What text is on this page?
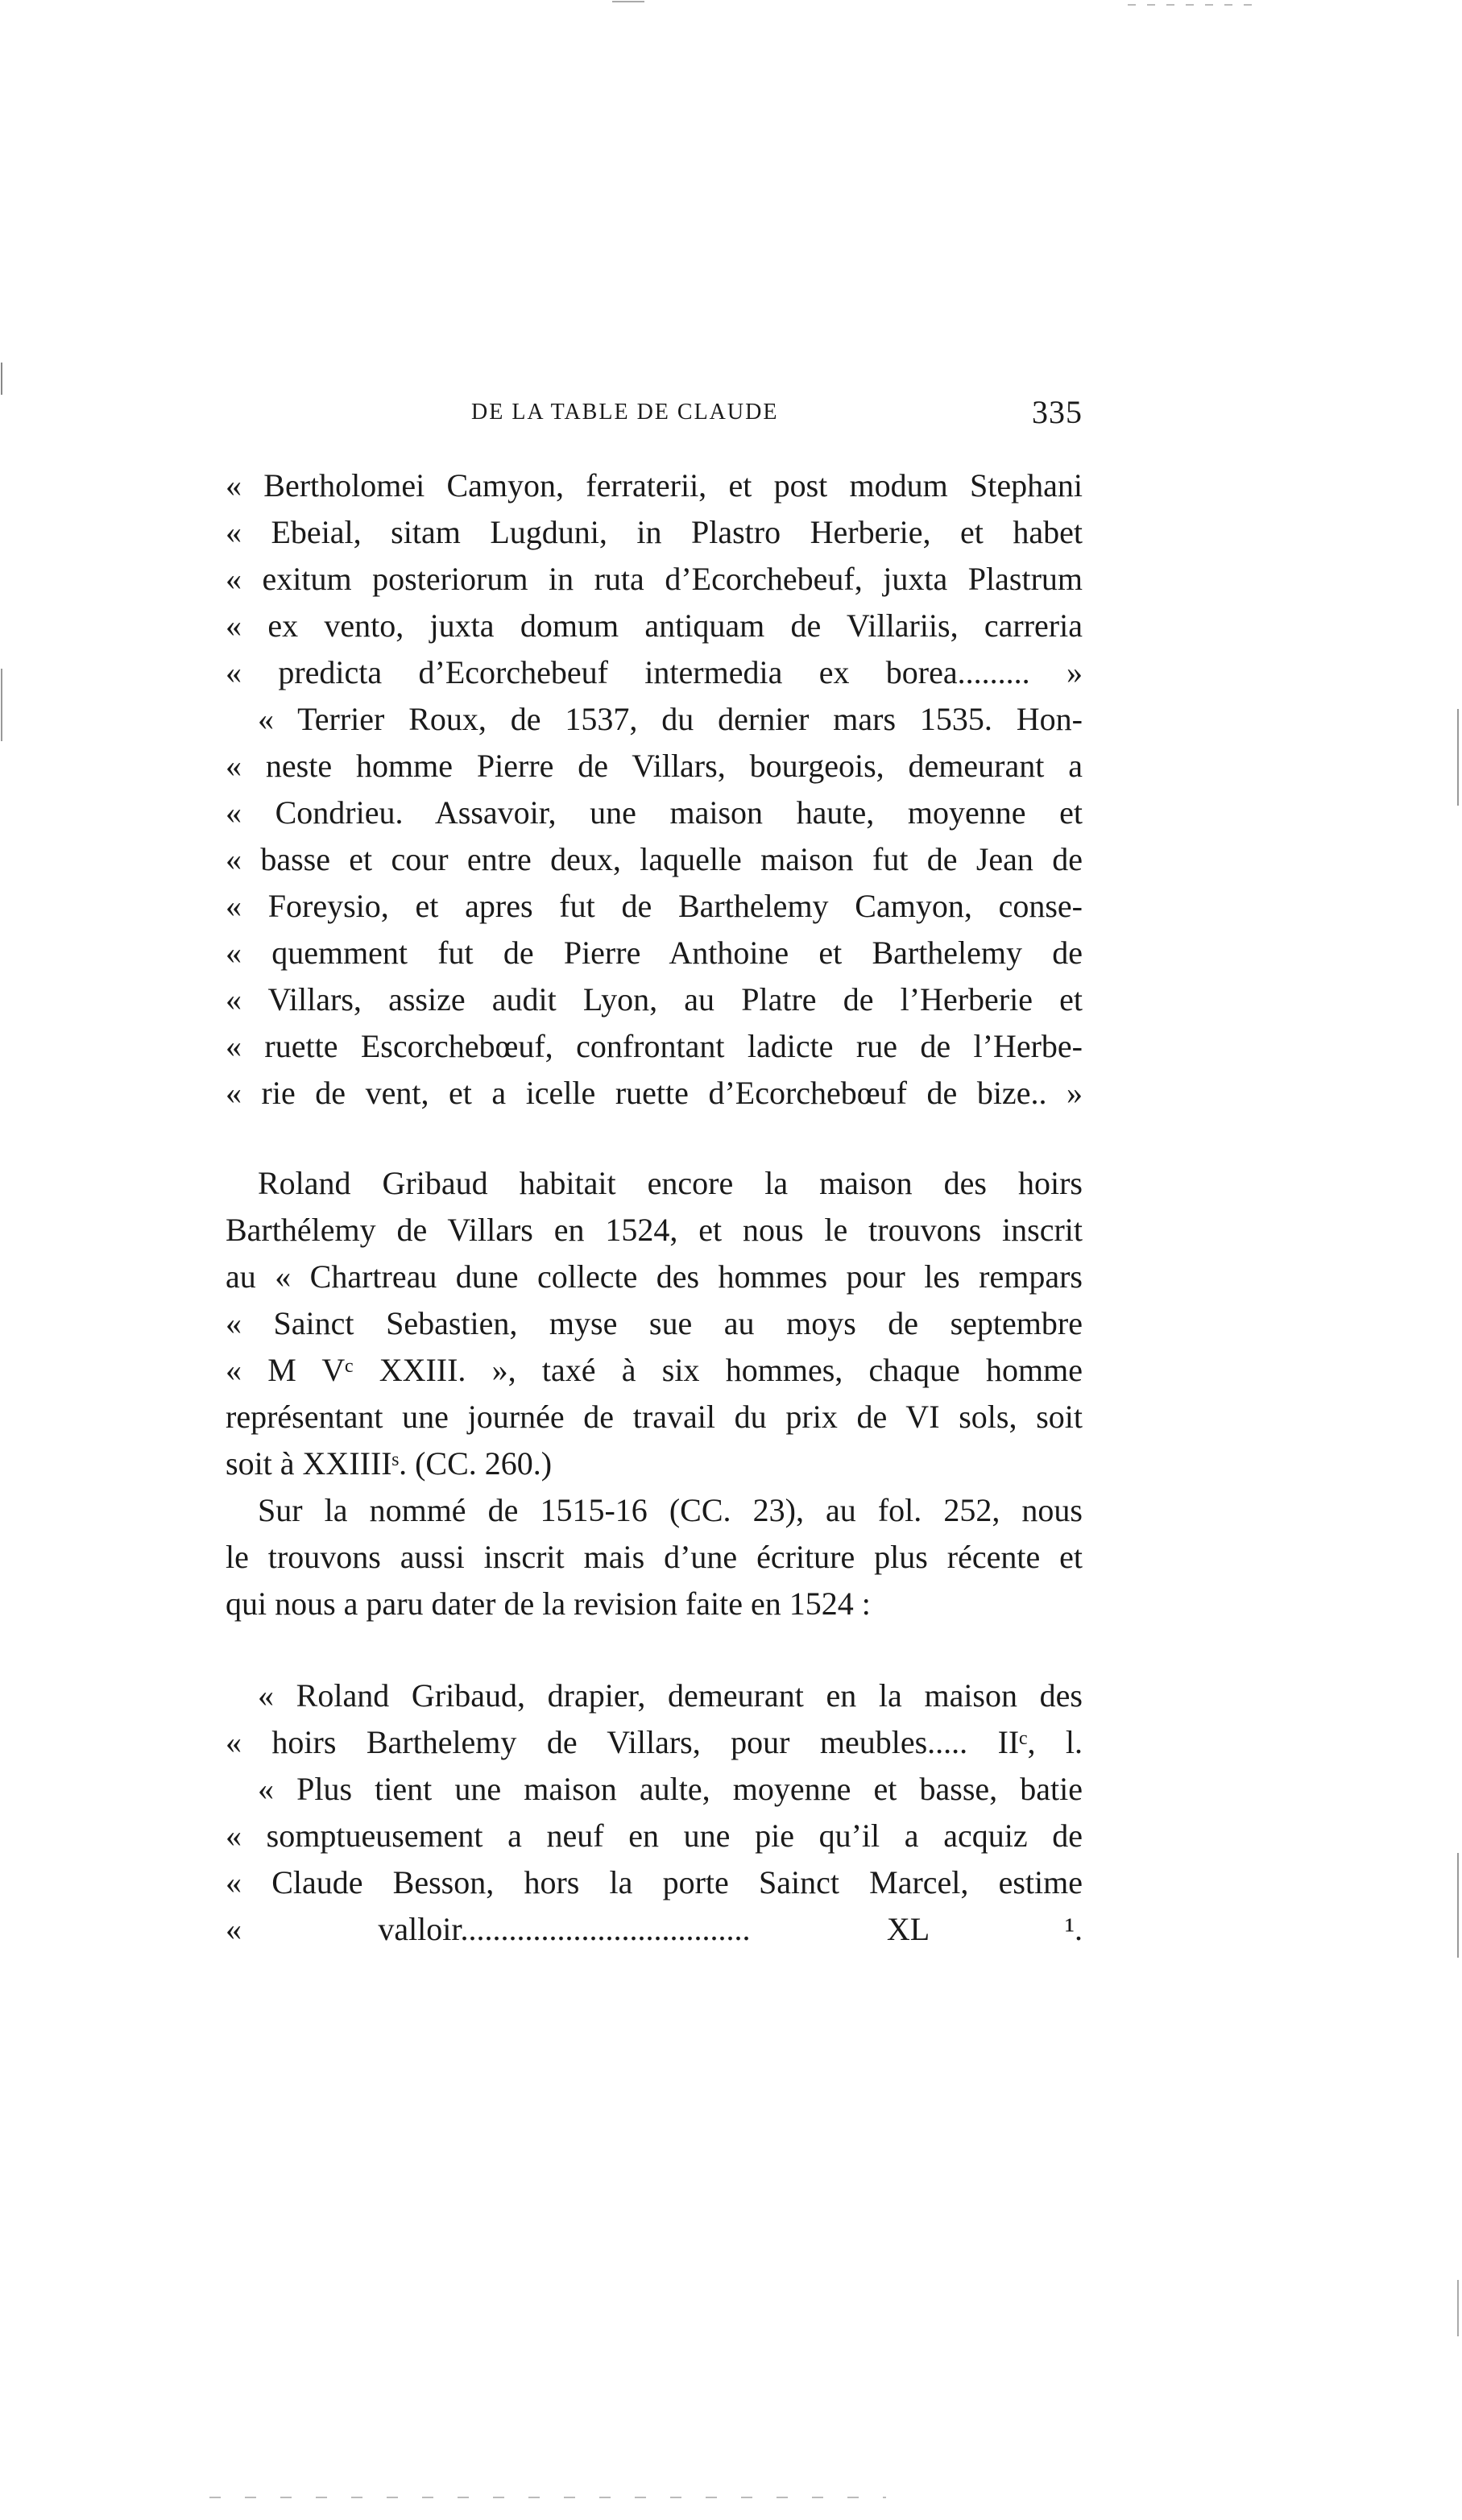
DE LA TABLE DE CLAUDE	335
« Bertholomei Camyon, ferraterii, et post modum Stephani
« Ebeial, sitam Lugduni, in Plastro Herberie, et habet
« exitum posteriorum in ruta d’Ecorchebeuf, juxta Plastrum
« ex vento, juxta domum antiquam de Villariis, carreria
« predicta d’Ecorchebeuf intermedia ex borea......... »
« Terrier Roux, de 1537, du dernier mars 1535. Hon-
« neste homme Pierre de Villars, bourgeois, demeurant a
« Condrieu. Assavoir, une maison haute, moyenne et
« basse et cour entre deux, laquelle maison fut de Jean de
« Foreysio, et apres fut de Barthelemy Camyon, conse-
« quemment fut de Pierre Anthoine et Barthelemy de
« Villars, assize audit Lyon, au Platre de l’Herberie et
« ruette Escorchebœuf, confrontant ladicte rue de l’Herbe-
« rie de vent, et a icelle ruette d’Ecorchebœuf de bize.. »
Roland Gribaud habitait encore la maison des hoirs
Barthélemy de Villars en 1524, et nous le trouvons inscrit
au « Chartreau dune collecte des hommes pour les rempars
« Sainct Sebastien, myse sue au moys de septembre
« M Vᶜ XXIII. », taxé à six hommes, chaque homme
représentant une journée de travail du prix de VI sols, soit
soit à XXIIIIˢ. (CC. 260.)
Sur la nommé de 1515-16 (CC. 23), au fol. 252, nous
le trouvons aussi inscrit mais d’une écriture plus récente et
qui nous a paru dater de la revision faite en 1524 :
« Roland Gribaud, drapier, demeurant en la maison des
« hoirs Barthelemy de Villars, pour meubles..... IIᶜ, l.
« Plus tient une maison aulte, moyenne et basse, batie
« somptueusement a neuf en une pie qu’il a acquiz de
« Claude Besson, hors la porte Sainct Marcel, estime
« valloir.................................... XL ¹.
